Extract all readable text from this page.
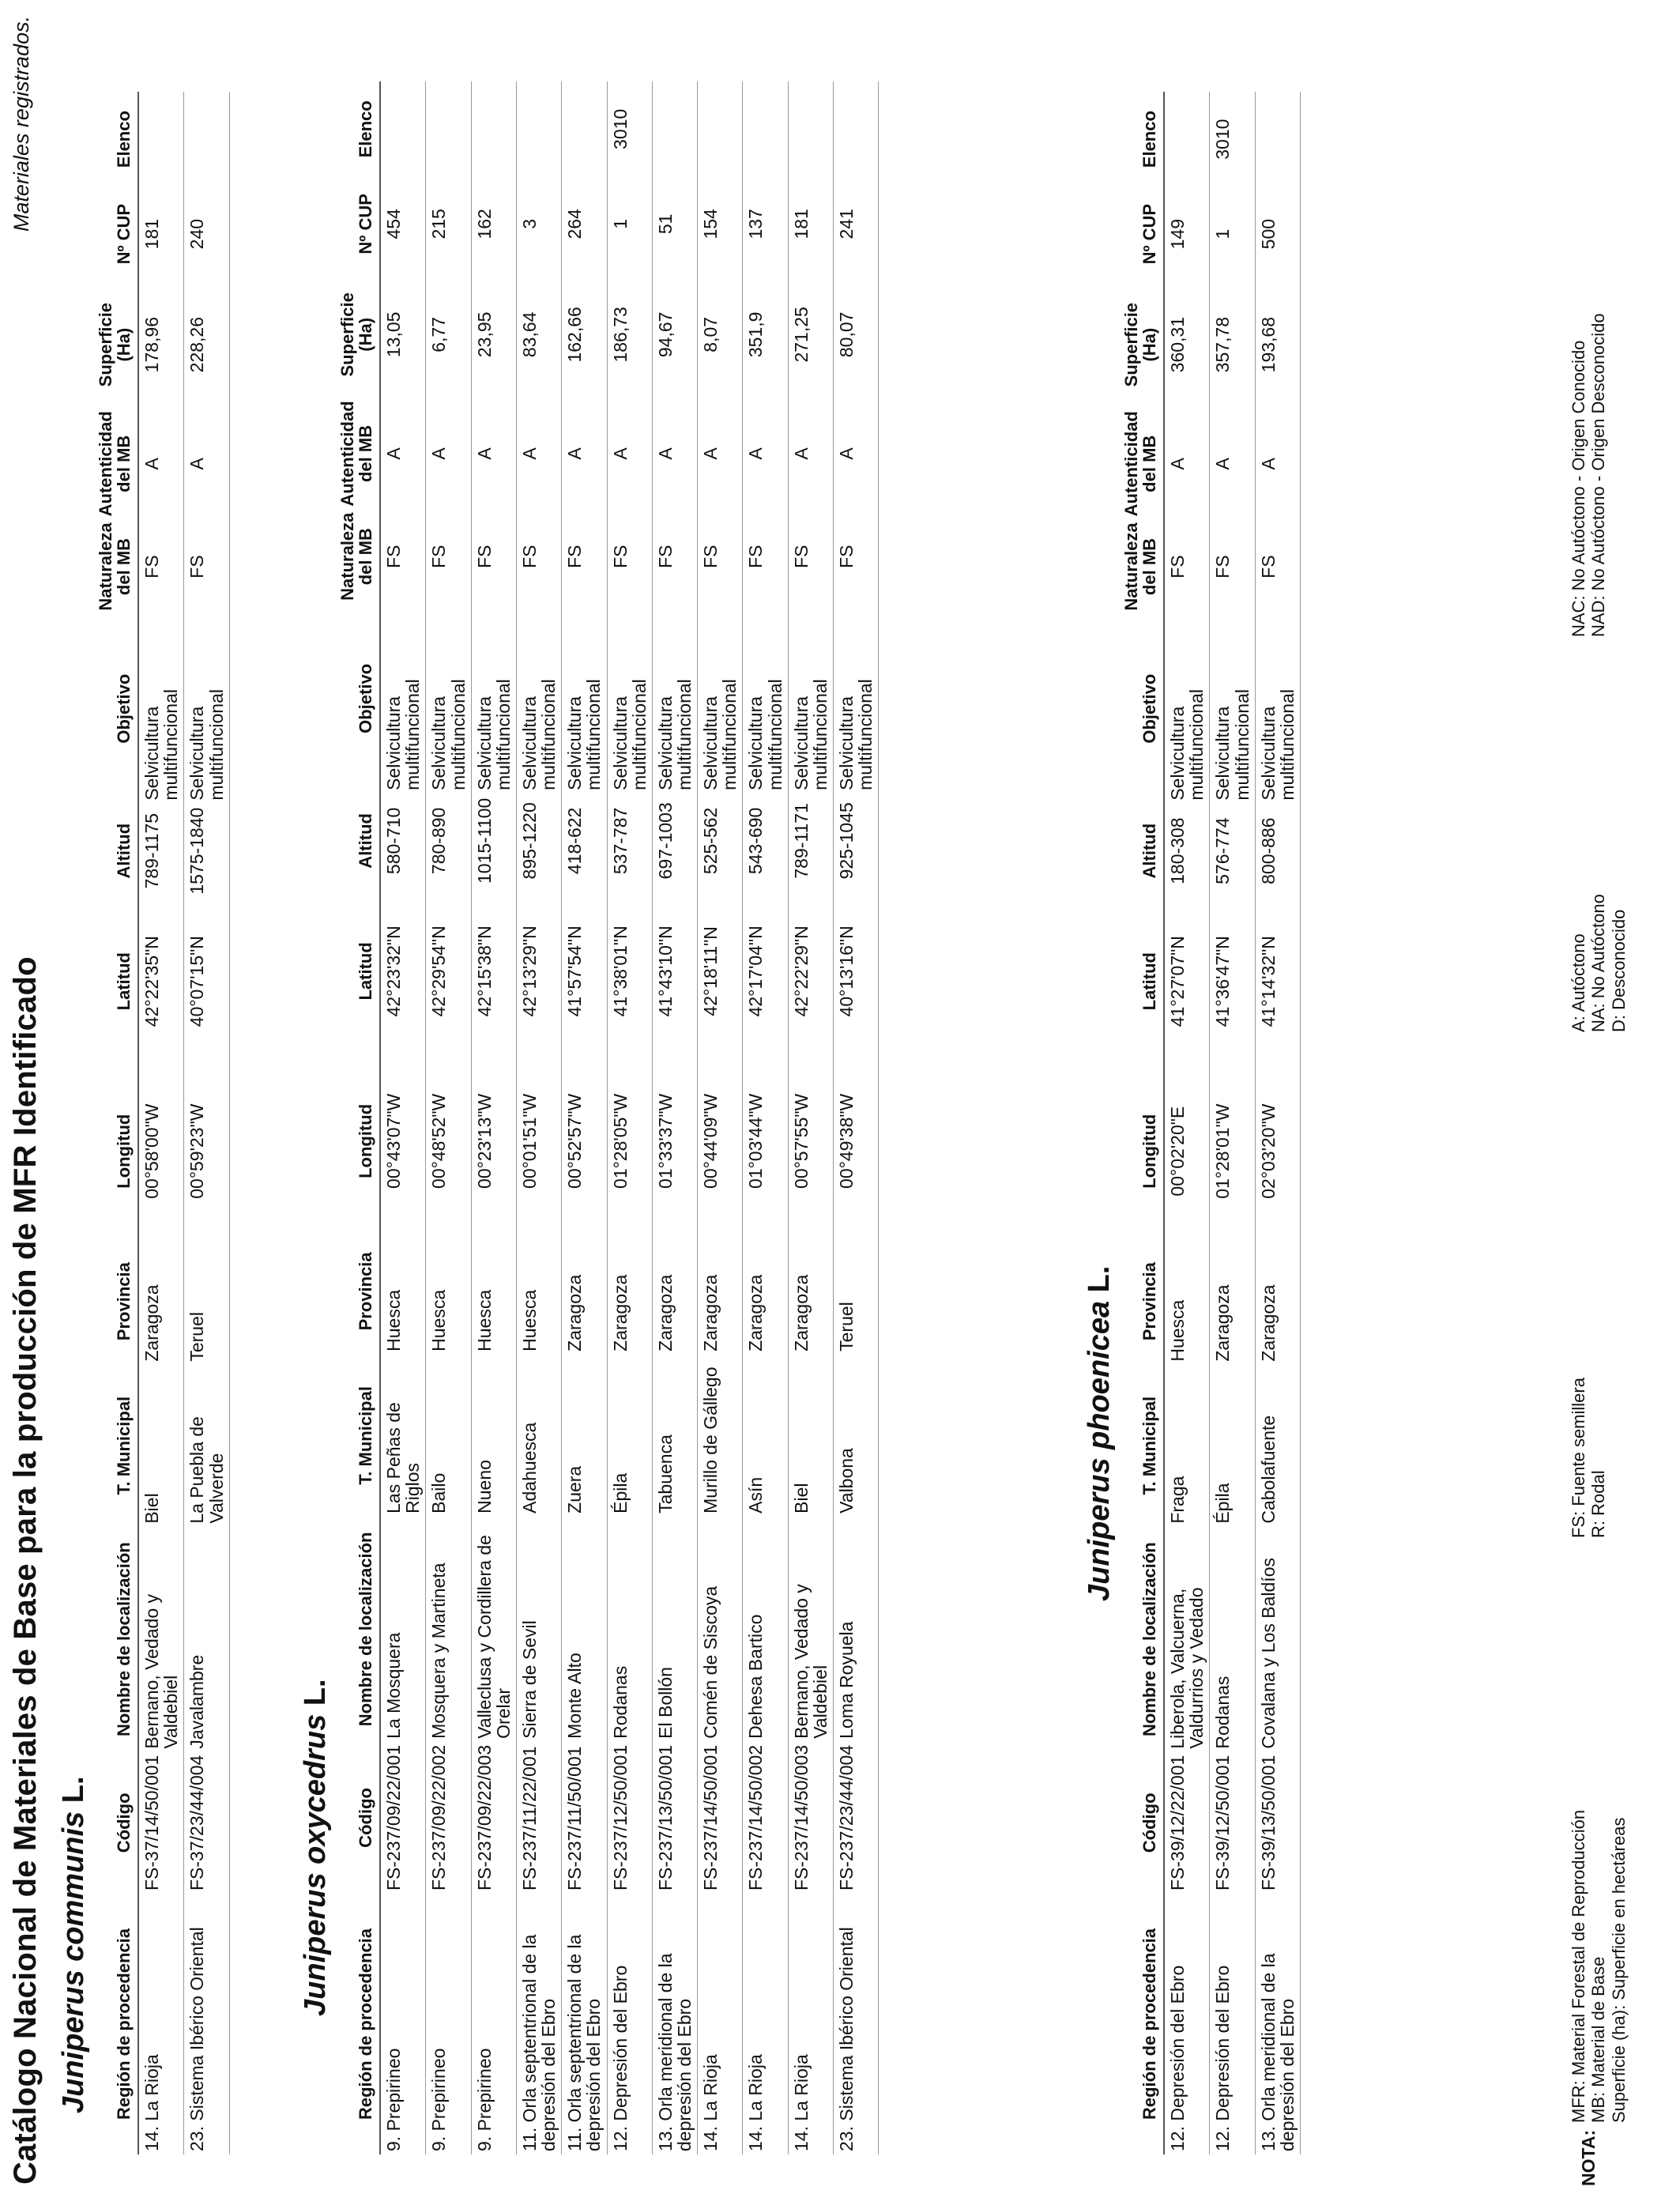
Catálogo Nacional de Materiales de Base para la producción de MFR Identificado
Materiales registrados.
Juniperus communis L.
Región de procedencia	Código	Nombre de localización	T. Municipal	Provincia	Longitud	Latitud	Altitud	Objetivo	Naturaleza del MB	Autenticidad del MB	Superficie (Ha)	Nº CUP	Elenco
14. La Rioja	FS-37/14/50/001	Bernano, Vedado y Valdebiel	Biel	Zaragoza	00°58'00"W	42°22'35"N	789-1175	Selvicultura multifuncional	FS	A	178,96	181	
23. Sistema Ibérico Oriental	FS-37/23/44/004	Javalambre	La Puebla de Valverde	Teruel	00°59'23"W	40°07'15"N	1575-1840	Selvicultura multifuncional	FS	A	228,26	240	
Juniperus oxycedrus L.
Región de procedencia	Código	Nombre de localización	T. Municipal	Provincia	Longitud	Latitud	Altitud	Objetivo	Naturaleza del MB	Autenticidad del MB	Superficie (Ha)	Nº CUP	Elenco
9. Prepirineo	FS-237/09/22/001	La Mosquera	Las Peñas de Riglos	Huesca	00°43'07"W	42°23'32"N	580-710	Selvicultura multifuncional	FS	A	13,05	454	
9. Prepirineo	FS-237/09/22/002	Mosquera y Martineta	Bailo	Huesca	00°48'52"W	42°29'54"N	780-890	Selvicultura multifuncional	FS	A	6,77	215	
9. Prepirineo	FS-237/09/22/003	Valleclusa y Cordillera de Orelar	Nueno	Huesca	00°23'13"W	42°15'38"N	1015-1100	Selvicultura multifuncional	FS	A	23,95	162	
11. Orla septentrional de la depresión del Ebro	FS-237/11/22/001	Sierra de Sevil	Adahuesca	Huesca	00°01'51"W	42°13'29"N	895-1220	Selvicultura multifuncional	FS	A	83,64	3	
11. Orla septentrional de la depresión del Ebro	FS-237/11/50/001	Monte Alto	Zuera	Zaragoza	00°52'57"W	41°57'54"N	418-622	Selvicultura multifuncional	FS	A	162,66	264	
12. Depresión del Ebro	FS-237/12/50/001	Rodanas	Épila	Zaragoza	01°28'05"W	41°38'01"N	537-787	Selvicultura multifuncional	FS	A	186,73	1	3010
13. Orla meridional de la depresión del Ebro	FS-237/13/50/001	El Bollón	Tabuenca	Zaragoza	01°33'37"W	41°43'10"N	697-1003	Selvicultura multifuncional	FS	A	94,67	51	
14. La Rioja	FS-237/14/50/001	Comén de Siscoya	Murillo de Gállego	Zaragoza	00°44'09"W	42°18'11"N	525-562	Selvicultura multifuncional	FS	A	8,07	154	
14. La Rioja	FS-237/14/50/002	Dehesa Bartico	Asín	Zaragoza	01°03'44"W	42°17'04"N	543-690	Selvicultura multifuncional	FS	A	351,9	137	
14. La Rioja	FS-237/14/50/003	Bernano, Vedado y Valdebiel	Biel	Zaragoza	00°57'55"W	42°22'29"N	789-1171	Selvicultura multifuncional	FS	A	271,25	181	
23. Sistema Ibérico Oriental	FS-237/23/44/004	Loma Royuela	Valbona	Teruel	00°49'38"W	40°13'16"N	925-1045	Selvicultura multifuncional	FS	A	80,07	241	
Juniperus phoenicea L.
Región de procedencia	Código	Nombre de localización	T. Municipal	Provincia	Longitud	Latitud	Altitud	Objetivo	Naturaleza del MB	Autenticidad del MB	Superficie (Ha)	Nº CUP	Elenco
12. Depresión del Ebro	FS-39/12/22/001	Liberola, Valcuerna, Valdurrios y Vedado	Fraga	Huesca	00°02'20"E	41°27'07"N	180-308	Selvicultura multifuncional	FS	A	360,31	149	
12. Depresión del Ebro	FS-39/12/50/001	Rodanas	Épila	Zaragoza	01°28'01"W	41°36'47"N	576-774	Selvicultura multifuncional	FS	A	357,78	1	3010
13. Orla meridional de la depresión del Ebro	FS-39/13/50/001	Covalana y Los Baldíos	Cabolafuente	Zaragoza	02°03'20"W	41°14'32"N	800-886	Selvicultura multifuncional	FS	A	193,68	500	
NOTA:
MFR: Material Forestal de Reproducción MB: Material de Base Superficie (ha): Superficie en hectáreas
FS: Fuente semillera R: Rodal
A: Autóctono NA: No Autóctono D: Desconocido
NAC: No Autóctono - Origen Conocido NAD: No Autóctono - Origen Desconocido
